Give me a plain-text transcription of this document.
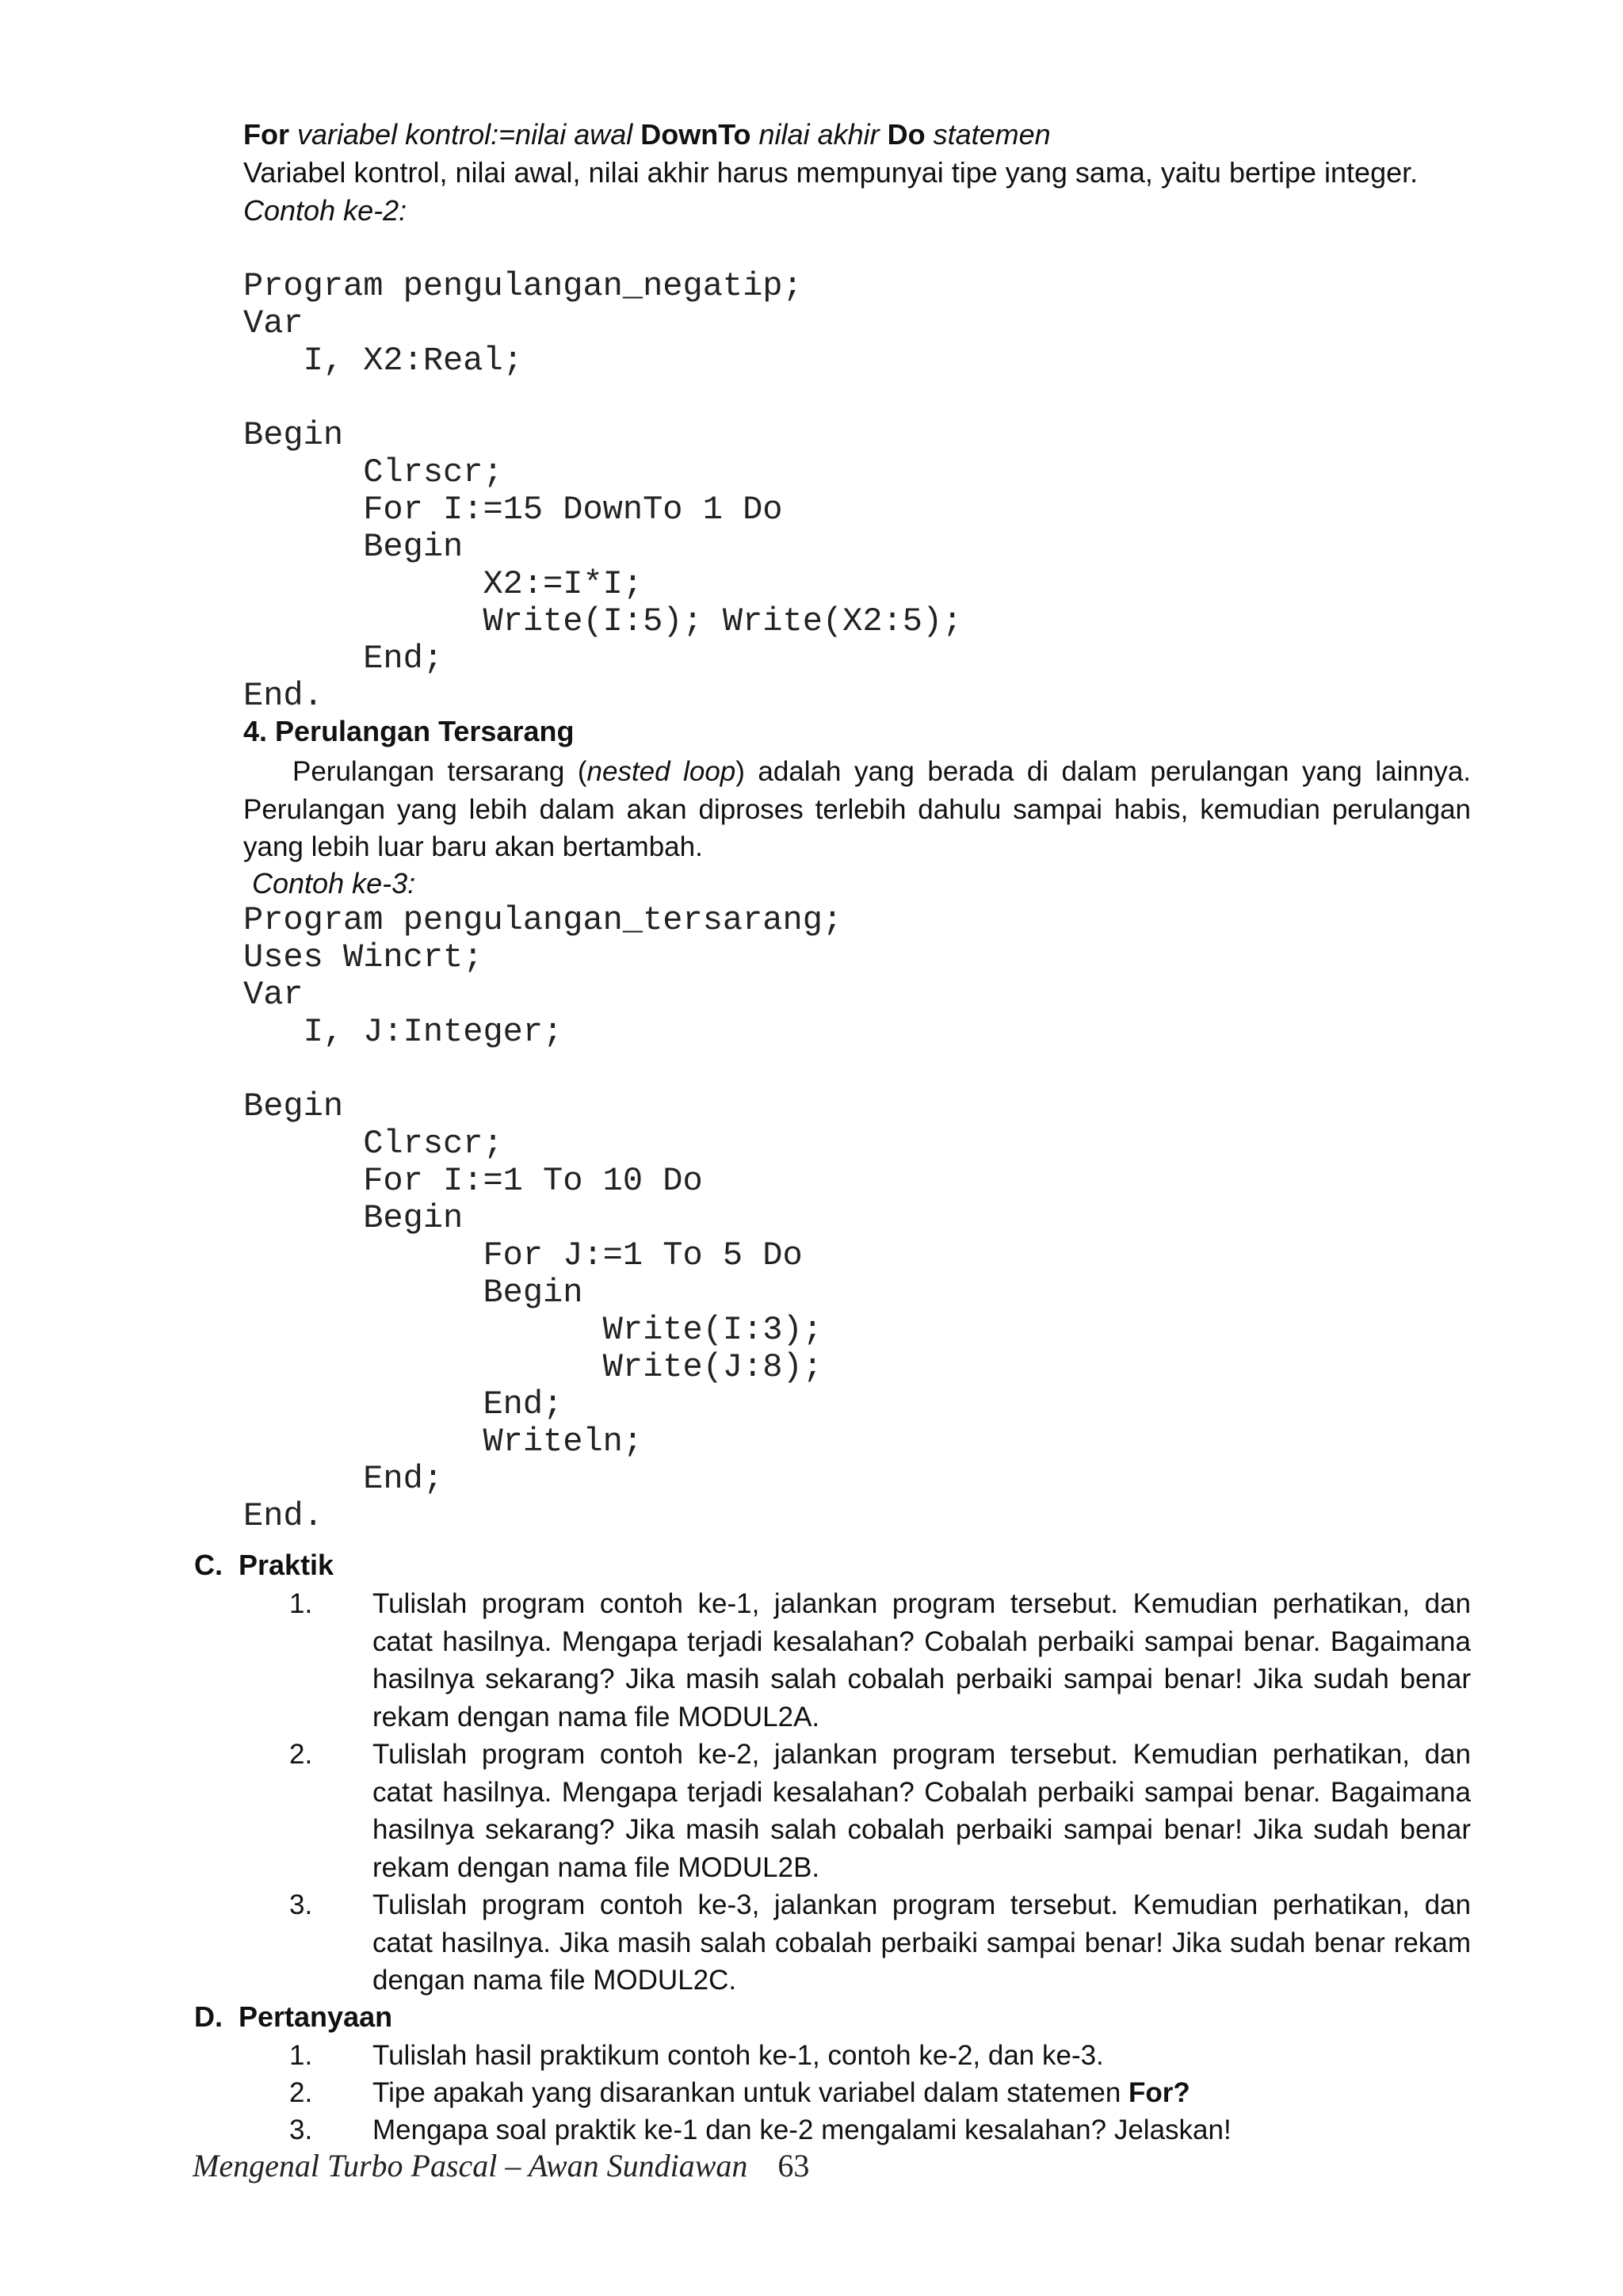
For variabel kontrol:=nilai awal DownTo nilai akhir Do statemen
Variabel kontrol, nilai awal, nilai akhir harus mempunyai tipe yang sama, yaitu bertipe integer.
Contoh ke-2:
Program pengulangan_negatip;
Var
I, X2:Real;
Begin
Clrscr;
For I:=15 DownTo 1 Do
Begin
X2:=I*I;
Write(I:5); Write(X2:5);
End;
End.
4. Perulangan Tersarang
Perulangan tersarang (nested loop) adalah yang berada di dalam perulangan yang lainnya. Perulangan yang lebih dalam akan diproses terlebih dahulu sampai habis, kemudian perulangan yang lebih luar baru akan bertambah.
Contoh ke-3:
Program pengulangan_tersarang;
Uses Wincrt;
Var
I, J:Integer;
Begin
Clrscr;
For I:=1 To 10 Do
Begin
For J:=1 To 5 Do
Begin
Write(I:3);
Write(J:8);
End;
Writeln;
End;
End.
C.  Praktik
1.	Tulislah program contoh ke-1, jalankan program tersebut. Kemudian perhatikan, dan catat hasilnya. Mengapa terjadi kesalahan? Cobalah perbaiki sampai benar. Bagaimana hasilnya sekarang? Jika masih salah cobalah perbaiki sampai benar! Jika sudah benar rekam dengan nama file MODUL2A.
2.	Tulislah program contoh ke-2, jalankan program tersebut. Kemudian perhatikan, dan catat hasilnya. Mengapa terjadi kesalahan? Cobalah perbaiki sampai benar. Bagaimana hasilnya sekarang? Jika masih salah cobalah perbaiki sampai benar! Jika sudah benar rekam dengan nama file MODUL2B.
3.	Tulislah program contoh ke-3, jalankan program tersebut. Kemudian perhatikan, dan catat hasilnya. Jika masih salah cobalah perbaiki sampai benar! Jika sudah benar rekam dengan nama file MODUL2C.
D.  Pertanyaan
1.	Tulislah hasil praktikum contoh ke-1, contoh ke-2, dan ke-3.
2.	Tipe apakah yang disarankan untuk variabel dalam statemen For?
3.	Mengapa soal praktik ke-1 dan ke-2 mengalami kesalahan? Jelaskan!
Mengenal Turbo Pascal – Awan Sundiawan 63
